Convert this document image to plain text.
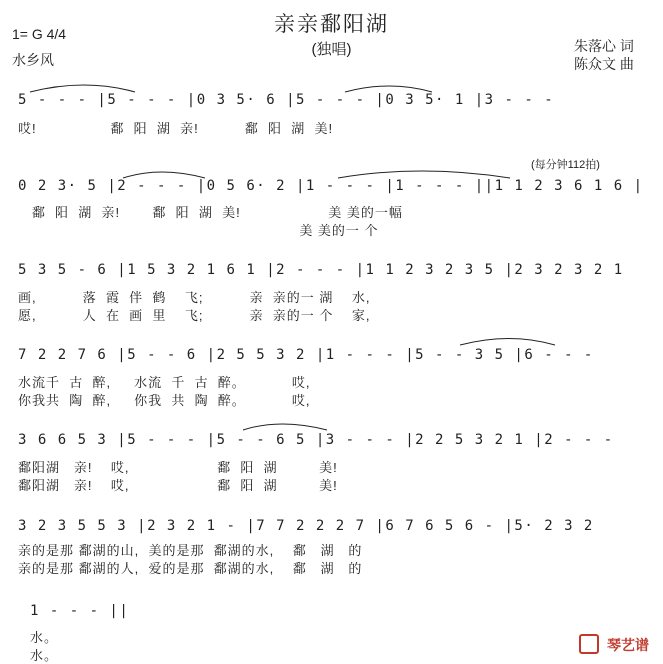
亲亲鄱阳湖
(独唱)
1= G 4/4
水乡风
朱落心 词
陈众文 曲
(每分钟112拍)
5 - - - |5 - - - |0 3 5· 6 |5 - - - |0 3 5· 1 |3 - - -
哎!                鄱  阳  湖  亲!          鄱  阳  湖  美!
0 2 3· 5 |2 - - - |0 5 6· 2 |1 - - - |1 - - - ||1 1 2 3 6 1 6 |
鄱  阳  湖  亲!       鄱  阳  湖  美!                   美 美的一幅
美 美的一 个
5 3 5 - 6 |1 5 3 2 1 6 1 |2 - - - |1 1 2 3 2 3 5 |2 3 2 3 2 1
画,          落  霞  伴  鹤    飞;          亲  亲的一 湖    水,
愿,          人  在  画  里    飞;          亲  亲的一 个    家,
7 2 2 7 6 |5 - - 6 |2 5 5 3 2 |1 - - - |5 - - 3 5 |6 - - -
水流千  古  醉,     水流  千  古  醉。          哎,
你我共  陶  醉,     你我  共  陶  醉。          哎,
3 6 6 5 3 |5 - - - |5 - - 6 5 |3 - - - |2 2 5 3 2 1 |2 - - -
鄱阳湖   亲!    哎,                   鄱  阳  湖         美!
鄱阳湖   亲!    哎,                   鄱  阳  湖         美!
3 2 3 5 5 3 |2 3 2 1 - |7 7 2 2 2 7 |6 7 6 5 6 - |5· 2 3 2
亲的是那 鄱湖的山,  美的是那  鄱湖的水,    鄱   湖   的
亲的是那 鄱湖的人,  爱的是那  鄱湖的水,    鄱   湖   的
1 - - - ||
水。
水。
琴艺谱
